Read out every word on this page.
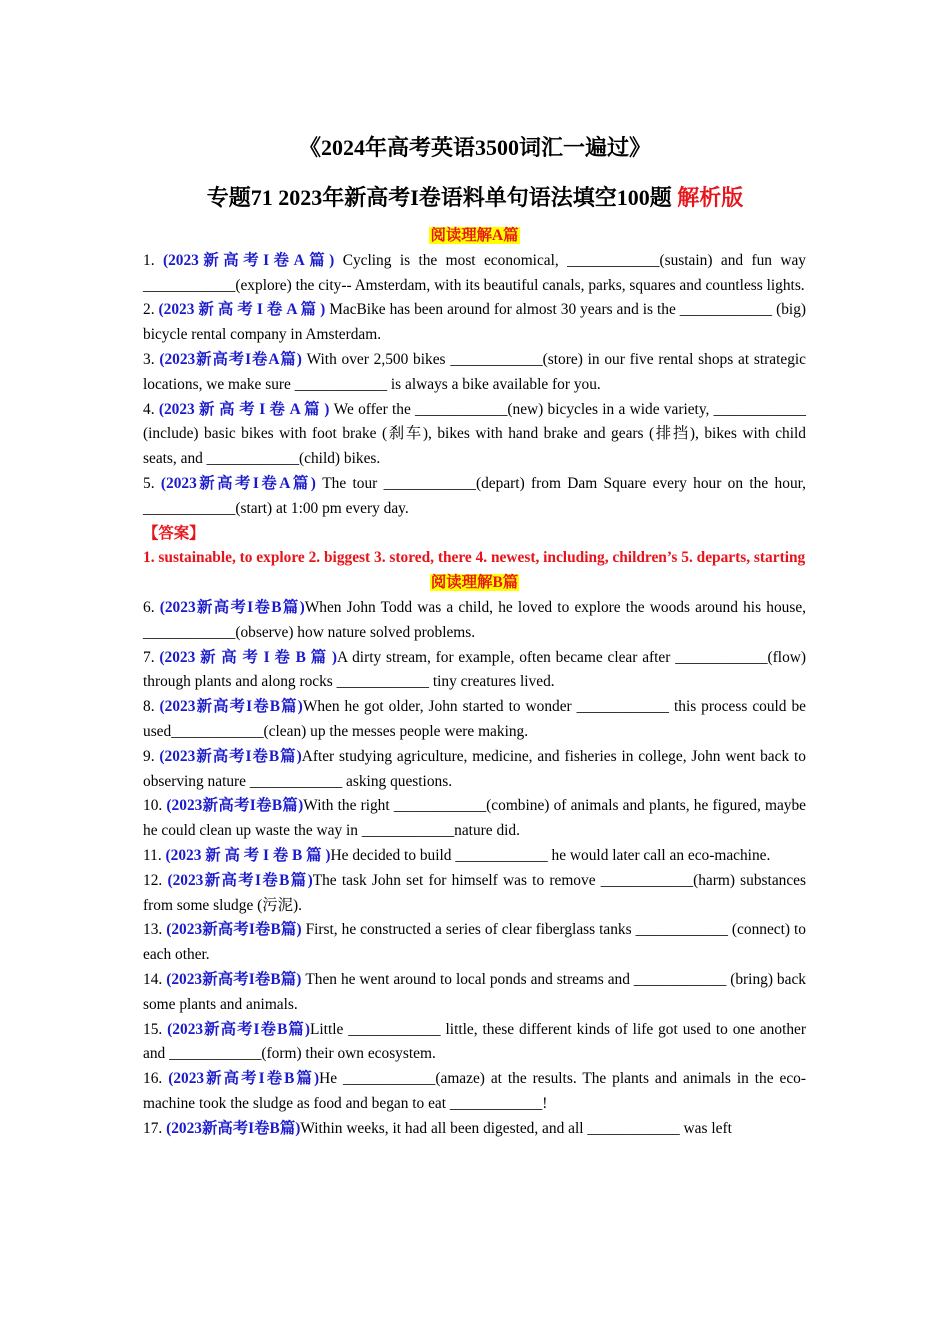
《2024年高考英语3500词汇一遍过》
专题71 2023年新高考I卷语料单句语法填空100题 解析版

阅读理解A篇

1. (2023新高考I卷A篇) Cycling is the most economical, ____________(sustain) and fun way ____________(explore) the city-- Amsterdam, with its beautiful canals, parks, squares and countless lights.

2. (2023 新 高 考 I 卷 A 篇 ) MacBike has been around for almost 30 years and is the ____________ (big) bicycle rental company in Amsterdam.

3. (2023新高考I卷A篇) With over 2,500 bikes ____________(store) in our five rental shops at strategic locations, we make sure ____________ is always a bike available for you.

4. (2023 新 高 考 I 卷 A 篇 ) We offer the ____________(new) bicycles in a wide variety, ____________ (include) basic bikes with foot brake (刹车), bikes with hand brake and gears (排挡), bikes with child seats, and ____________(child) bikes.

5. (2023新高考I卷A篇) The tour ____________(depart) from Dam Square every hour on the hour, ____________(start) at 1:00 pm every day.

【答案】

1. sustainable, to explore 2. biggest 3. stored, there 4. newest, including, children’s 5. departs, starting

阅读理解B篇

6. (2023新高考I卷B篇)When John Todd was a child, he loved to explore the woods around his house, ____________(observe) how nature solved problems.

7. (2023 新 高 考 I 卷 B 篇 )A dirty stream, for example, often became clear after ____________(flow) through plants and along rocks ____________ tiny creatures lived.

8. (2023新高考I卷B篇)When he got older, John started to wonder ____________ this process could be used____________(clean) up the messes people were making.

9. (2023新高考I卷B篇)After studying agriculture, medicine, and fisheries in college, John went back to observing nature ____________ asking questions.

10. (2023新高考I卷B篇)With the right ____________(combine) of animals and plants, he figured, maybe he could clean up waste the way in ____________nature did.

11. (2023 新 高 考 I 卷 B 篇 )He decided to build ____________ he would later call an eco-machine.

12. (2023新高考I卷B篇)The task John set for himself was to remove ____________(harm) substances from some sludge (污泥).

13. (2023新高考I卷B篇) First, he constructed a series of clear fiberglass tanks ____________ (connect) to each other.

14. (2023新高考I卷B篇) Then he went around to local ponds and streams and ____________ (bring) back some plants and animals.

15. (2023新高考I卷B篇)Little ____________ little, these different kinds of life got used to one another and ____________(form) their own ecosystem.

16. (2023新高考I卷B篇)He ____________(amaze) at the results. The plants and animals in the eco-machine took the sludge as food and began to eat ____________!

17. (2023新高考I卷B篇)Within weeks, it had all been digested, and all ____________ was left
